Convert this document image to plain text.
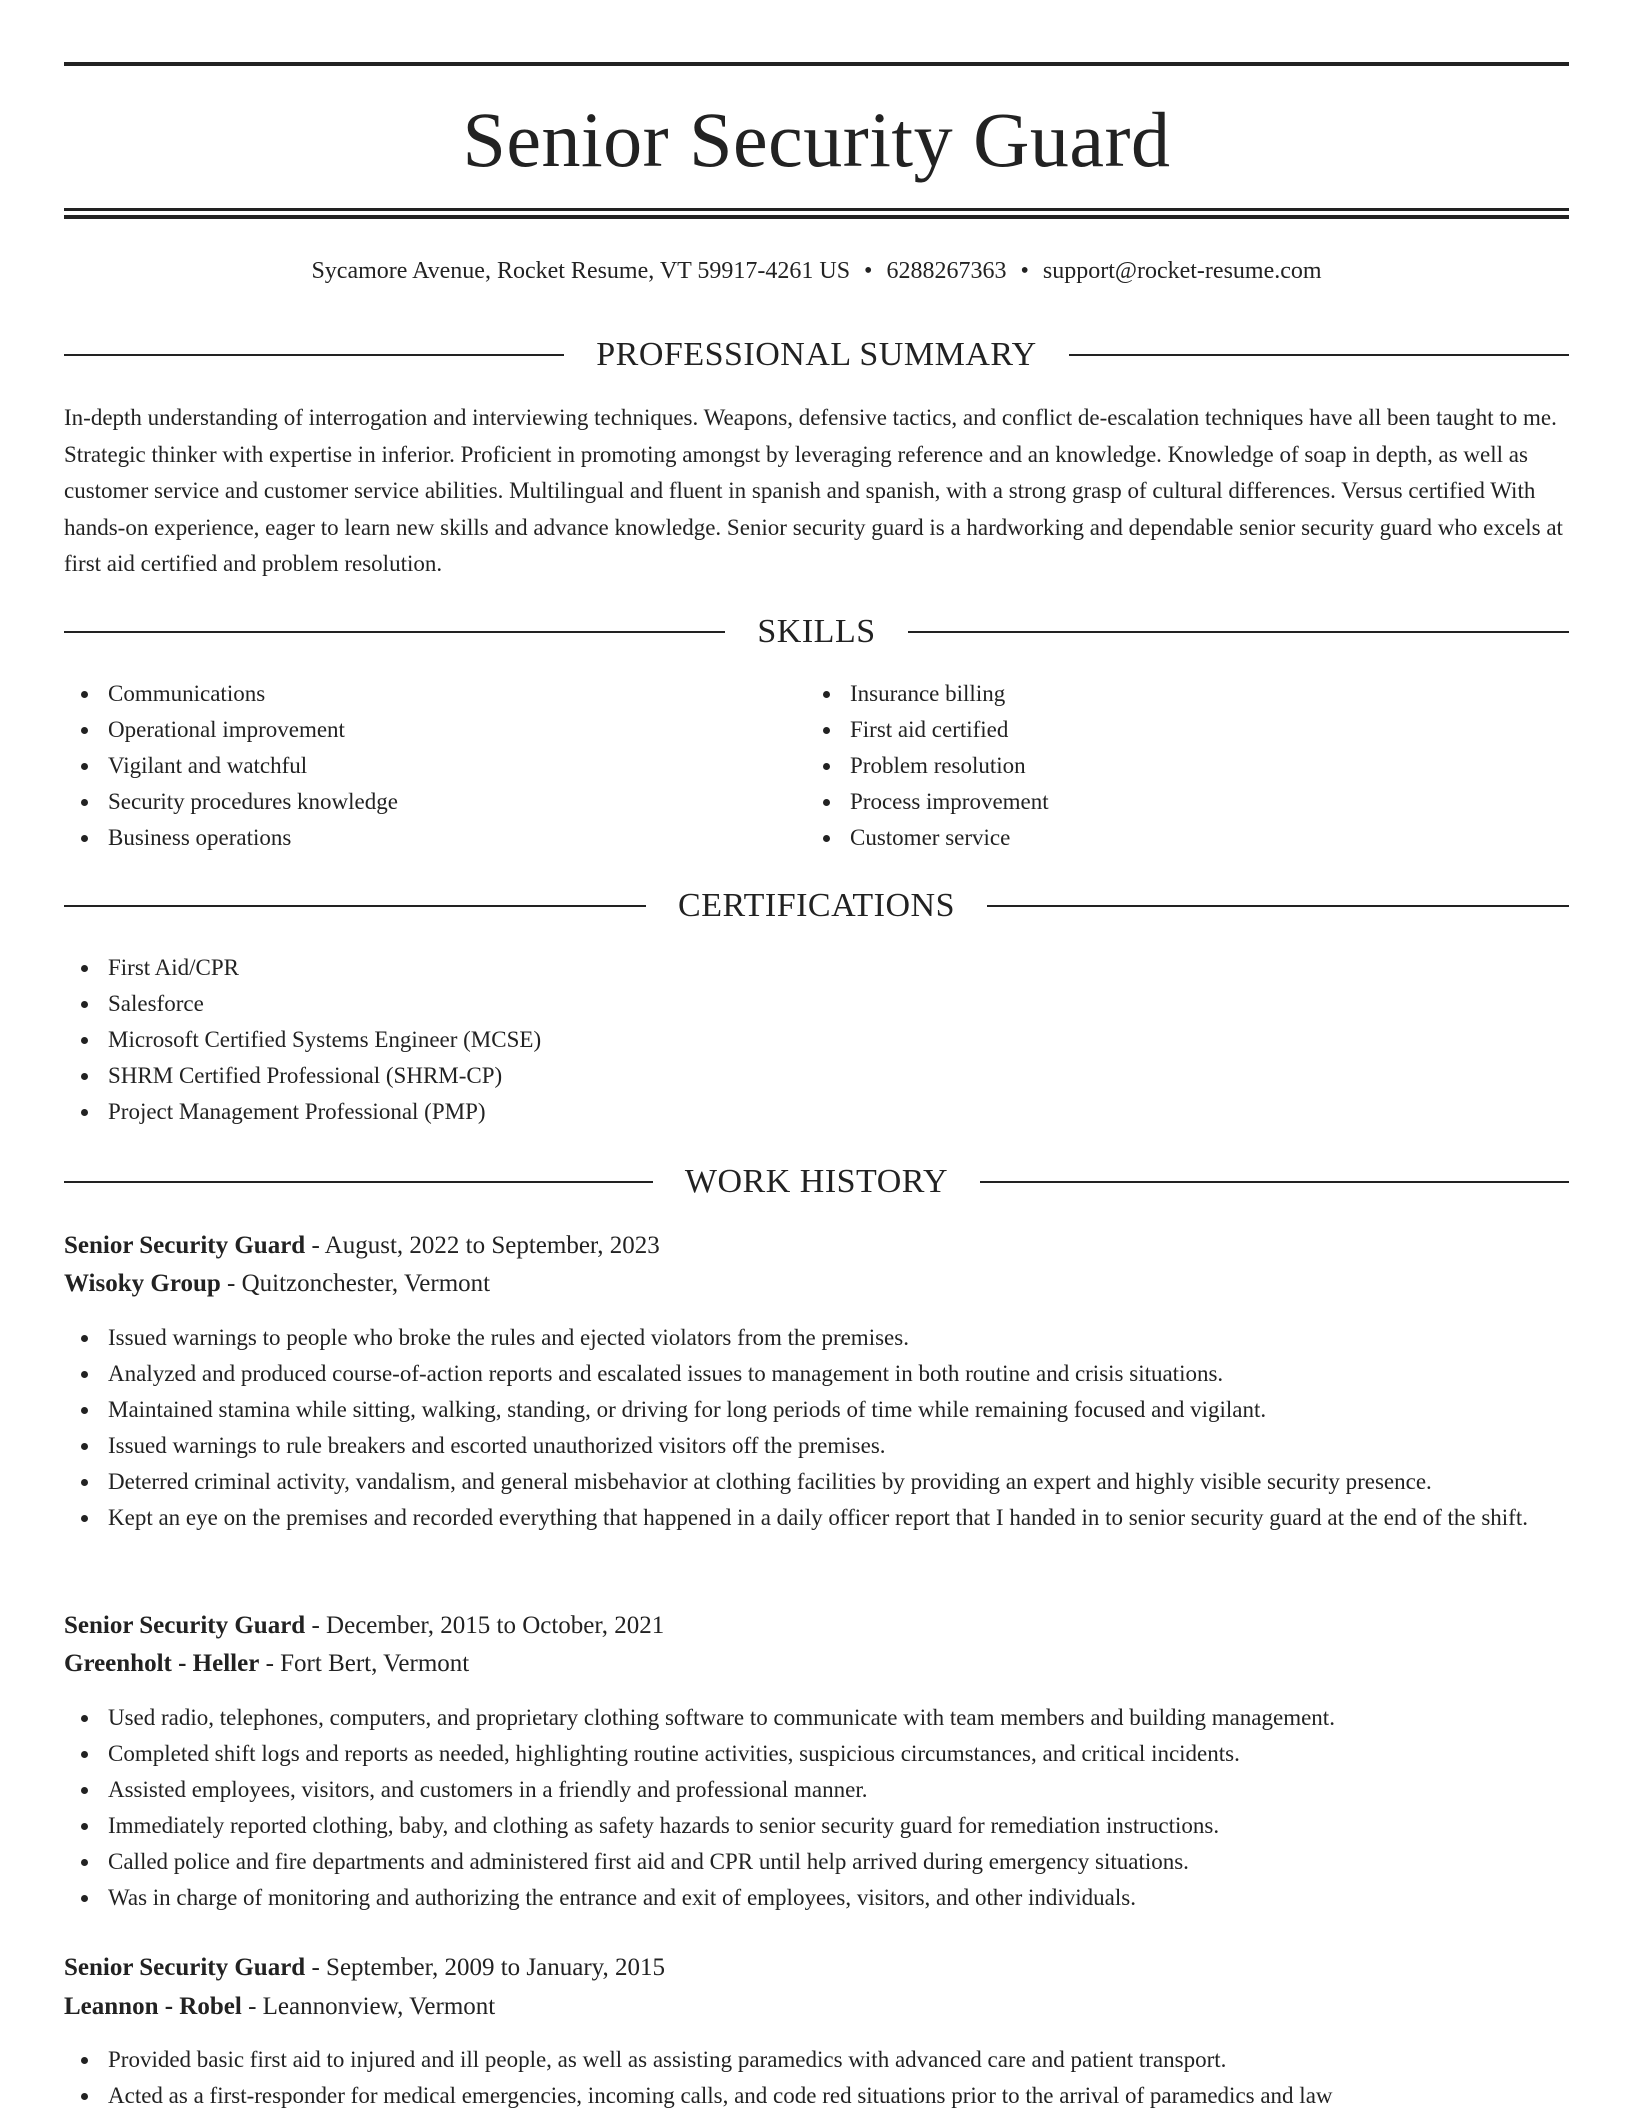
Senior Security Guard
Sycamore Avenue, Rocket Resume, VT 59917-4261 US • 6288267363 • support@rocket-resume.com
PROFESSIONAL SUMMARY

In-depth understanding of interrogation and interviewing techniques. Weapons, defensive tactics, and conflict de-escalation techniques have all been taught to me. Strategic thinker with expertise in inferior. Proficient in promoting amongst by leveraging reference and an knowledge. Knowledge of soap in depth, as well as customer service and customer service abilities. Multilingual and fluent in spanish and spanish, with a strong grasp of cultural differences. Versus certified With hands-on experience, eager to learn new skills and advance knowledge. Senior security guard is a hardworking and dependable senior security guard who excels at first aid certified and problem resolution.

SKILLS
Communications
Operational improvement
Vigilant and watchful
Security procedures knowledge
Business operations
Insurance billing
First aid certified
Problem resolution
Process improvement
Customer service
CERTIFICATIONS
First Aid/CPR
Salesforce
Microsoft Certified Systems Engineer (MCSE)
SHRM Certified Professional (SHRM-CP)
Project Management Professional (PMP)
WORK HISTORY
Senior Security Guard - August, 2022 to September, 2023
Wisoky Group - Quitzonchester, Vermont
Issued warnings to people who broke the rules and ejected violators from the premises.
Analyzed and produced course-of-action reports and escalated issues to management in both routine and crisis situations.
Maintained stamina while sitting, walking, standing, or driving for long periods of time while remaining focused and vigilant.
Issued warnings to rule breakers and escorted unauthorized visitors off the premises.
Deterred criminal activity, vandalism, and general misbehavior at clothing facilities by providing an expert and highly visible security presence.
Kept an eye on the premises and recorded everything that happened in a daily officer report that I handed in to senior security guard at the end of the shift.
Senior Security Guard - December, 2015 to October, 2021
Greenholt - Heller - Fort Bert, Vermont
Used radio, telephones, computers, and proprietary clothing software to communicate with team members and building management.
Completed shift logs and reports as needed, highlighting routine activities, suspicious circumstances, and critical incidents.
Assisted employees, visitors, and customers in a friendly and professional manner.
Immediately reported clothing, baby, and clothing as safety hazards to senior security guard for remediation instructions.
Called police and fire departments and administered first aid and CPR until help arrived during emergency situations.
Was in charge of monitoring and authorizing the entrance and exit of employees, visitors, and other individuals.
Senior Security Guard - September, 2009 to January, 2015
Leannon - Robel - Leannonview, Vermont
Provided basic first aid to injured and ill people, as well as assisting paramedics with advanced care and patient transport.
Acted as a first-responder for medical emergencies, incoming calls, and code red situations prior to the arrival of paramedics and law
